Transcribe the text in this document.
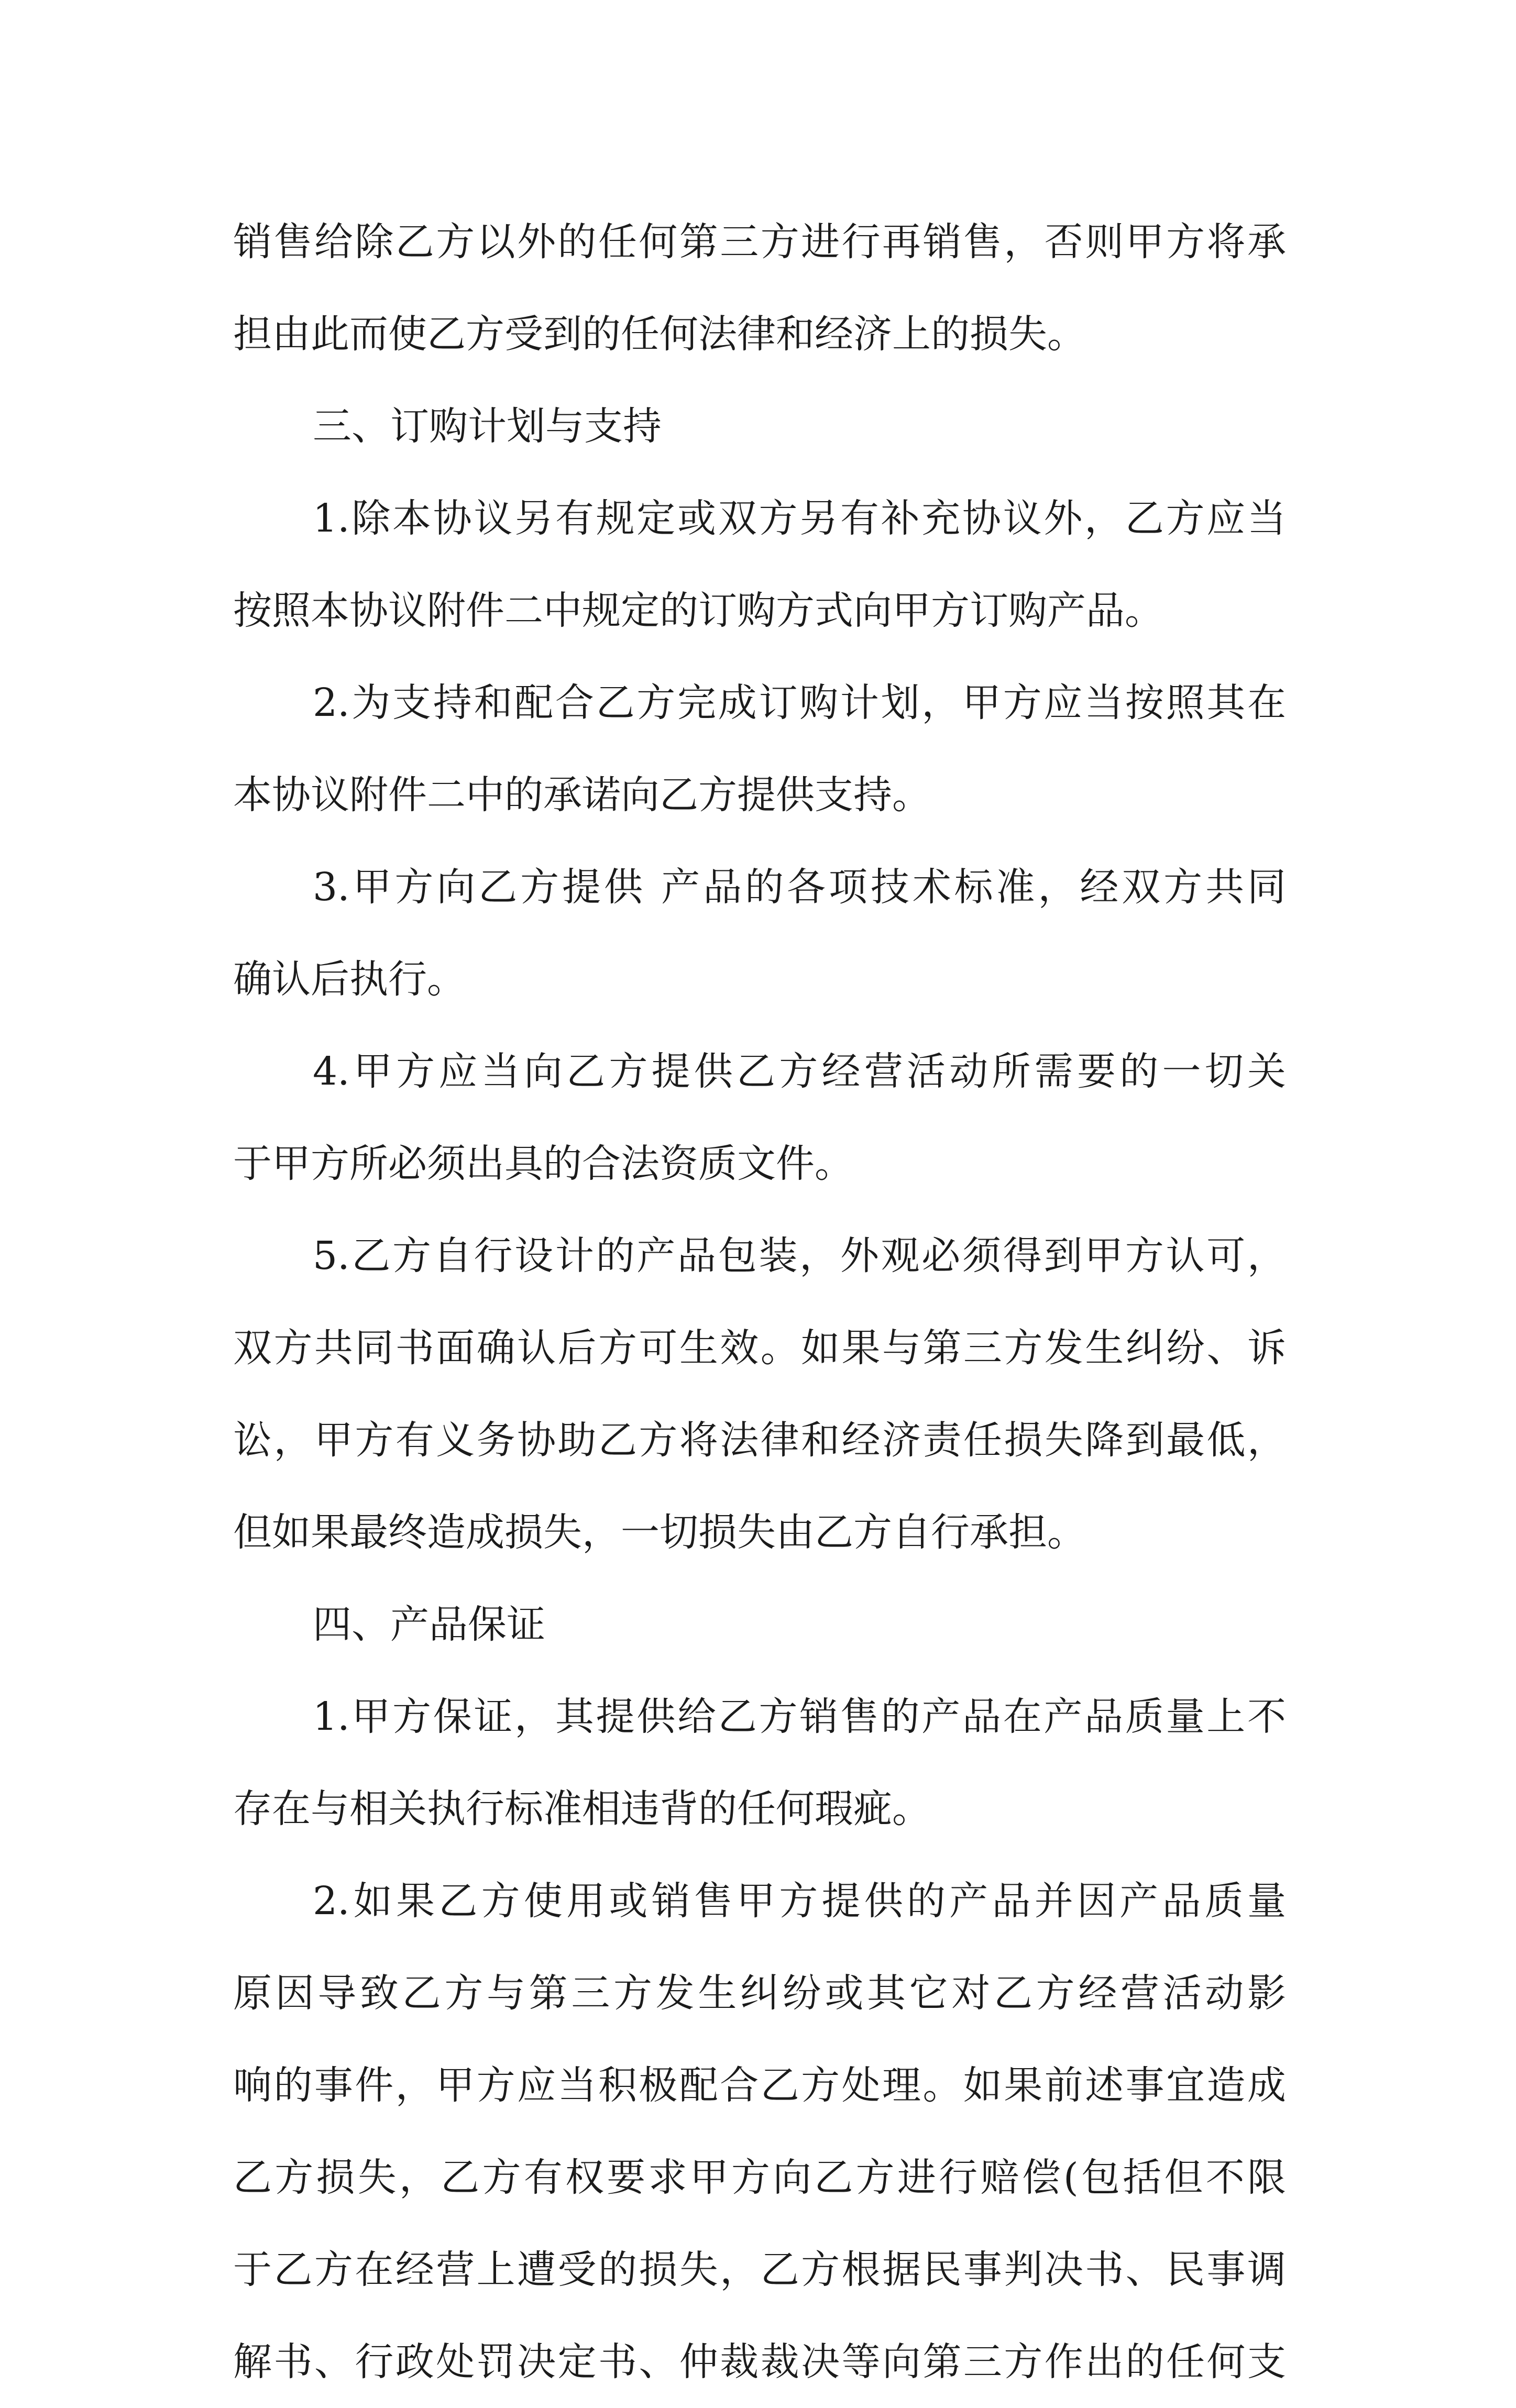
销售给除乙方以外的任何第三方进行再销售，否则甲方将承
担由此而使乙方受到的任何法律和经济上的损失。
三、订购计划与支持
1.除本协议另有规定或双方另有补充协议外，乙方应当
按照本协议附件二中规定的订购方式向甲方订购产品。
2.为支持和配合乙方完成订购计划，甲方应当按照其在
本协议附件二中的承诺向乙方提供支持。
3.甲方向乙方提供 产品的各项技术标准，经双方共同
确认后执行。
4.甲方应当向乙方提供乙方经营活动所需要的一切关
于甲方所必须出具的合法资质文件。
5.乙方自行设计的产品包装，外观必须得到甲方认可，
双方共同书面确认后方可生效。如果与第三方发生纠纷、诉
讼，甲方有义务协助乙方将法律和经济责任损失降到最低，
但如果最终造成损失，一切损失由乙方自行承担。
四、产品保证
1.甲方保证，其提供给乙方销售的产品在产品质量上不
存在与相关执行标准相违背的任何瑕疵。
2.如果乙方使用或销售甲方提供的产品并因产品质量
原因导致乙方与第三方发生纠纷或其它对乙方经营活动影
响的事件，甲方应当积极配合乙方处理。如果前述事宜造成
乙方损失，乙方有权要求甲方向乙方进行赔偿(包括但不限
于乙方在经营上遭受的损失，乙方根据民事判决书、民事调
解书、行政处罚决定书、仲裁裁决等向第三方作出的任何支
